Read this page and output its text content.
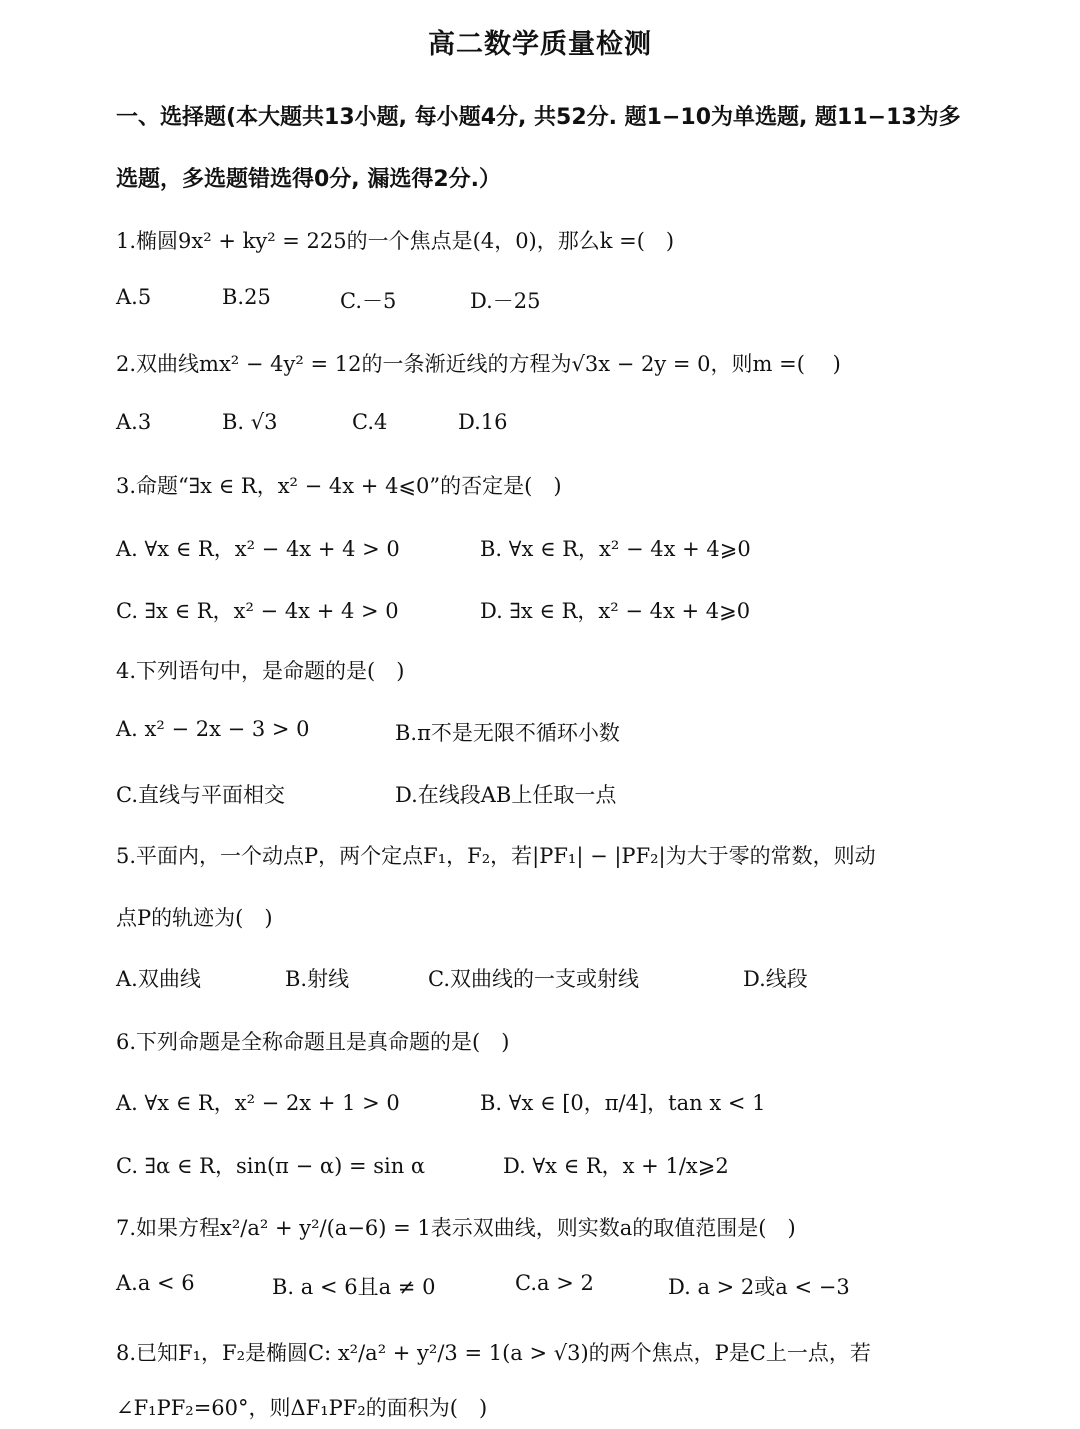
高二数学质量检测
一、选择题(本大题共13小题, 每小题4分, 共52分. 题1−10为单选题, 题11−13为多
选题，多选题错选得0分, 漏选得2分.）
1.椭圆9x² + ky² = 225的一个焦点是(4，0)，那么k =(　)
A.5	B.25	C.－5	D.－25
2.双曲线mx² − 4y² = 12的一条渐近线的方程为√3x − 2y = 0，则m =(　 )
A.3	B. √3	C.4	D.16
3.命题“∃x ∈ R，x² − 4x + 4⩽0”的否定是(　)
A. ∀x ∈ R，x² − 4x + 4 > 0	B. ∀x ∈ R，x² − 4x + 4⩾0
C. ∃x ∈ R，x² − 4x + 4 > 0	D. ∃x ∈ R，x² − 4x + 4⩾0
4.下列语句中，是命题的是(　)
A. x² − 2x − 3 > 0	B.π不是无限不循环小数
C.直线与平面相交	D.在线段AB上任取一点
5.平面内，一个动点P，两个定点F₁，F₂，若|PF₁| − |PF₂|为大于零的常数，则动
点P的轨迹为(　)
A.双曲线	B.射线	C.双曲线的一支或射线	D.线段
6.下列命题是全称命题且是真命题的是(　)
A. ∀x ∈ R，x² − 2x + 1 > 0	B. ∀x ∈ [0，π/4]，tan x < 1
C. ∃α ∈ R，sin(π − α) = sin α	D. ∀x ∈ R，x + 1/x⩾2
7.如果方程x²/a² + y²/(a−6) = 1表示双曲线，则实数a的取值范围是(　)
A.a < 6	B. a < 6且a ≠ 0	C.a > 2	D. a > 2或a < −3
8.已知F₁，F₂是椭圆C: x²/a² + y²/3 = 1(a > √3)的两个焦点，P是C上一点，若
∠F₁PF₂=60°，则ΔF₁PF₂的面积为(　)
